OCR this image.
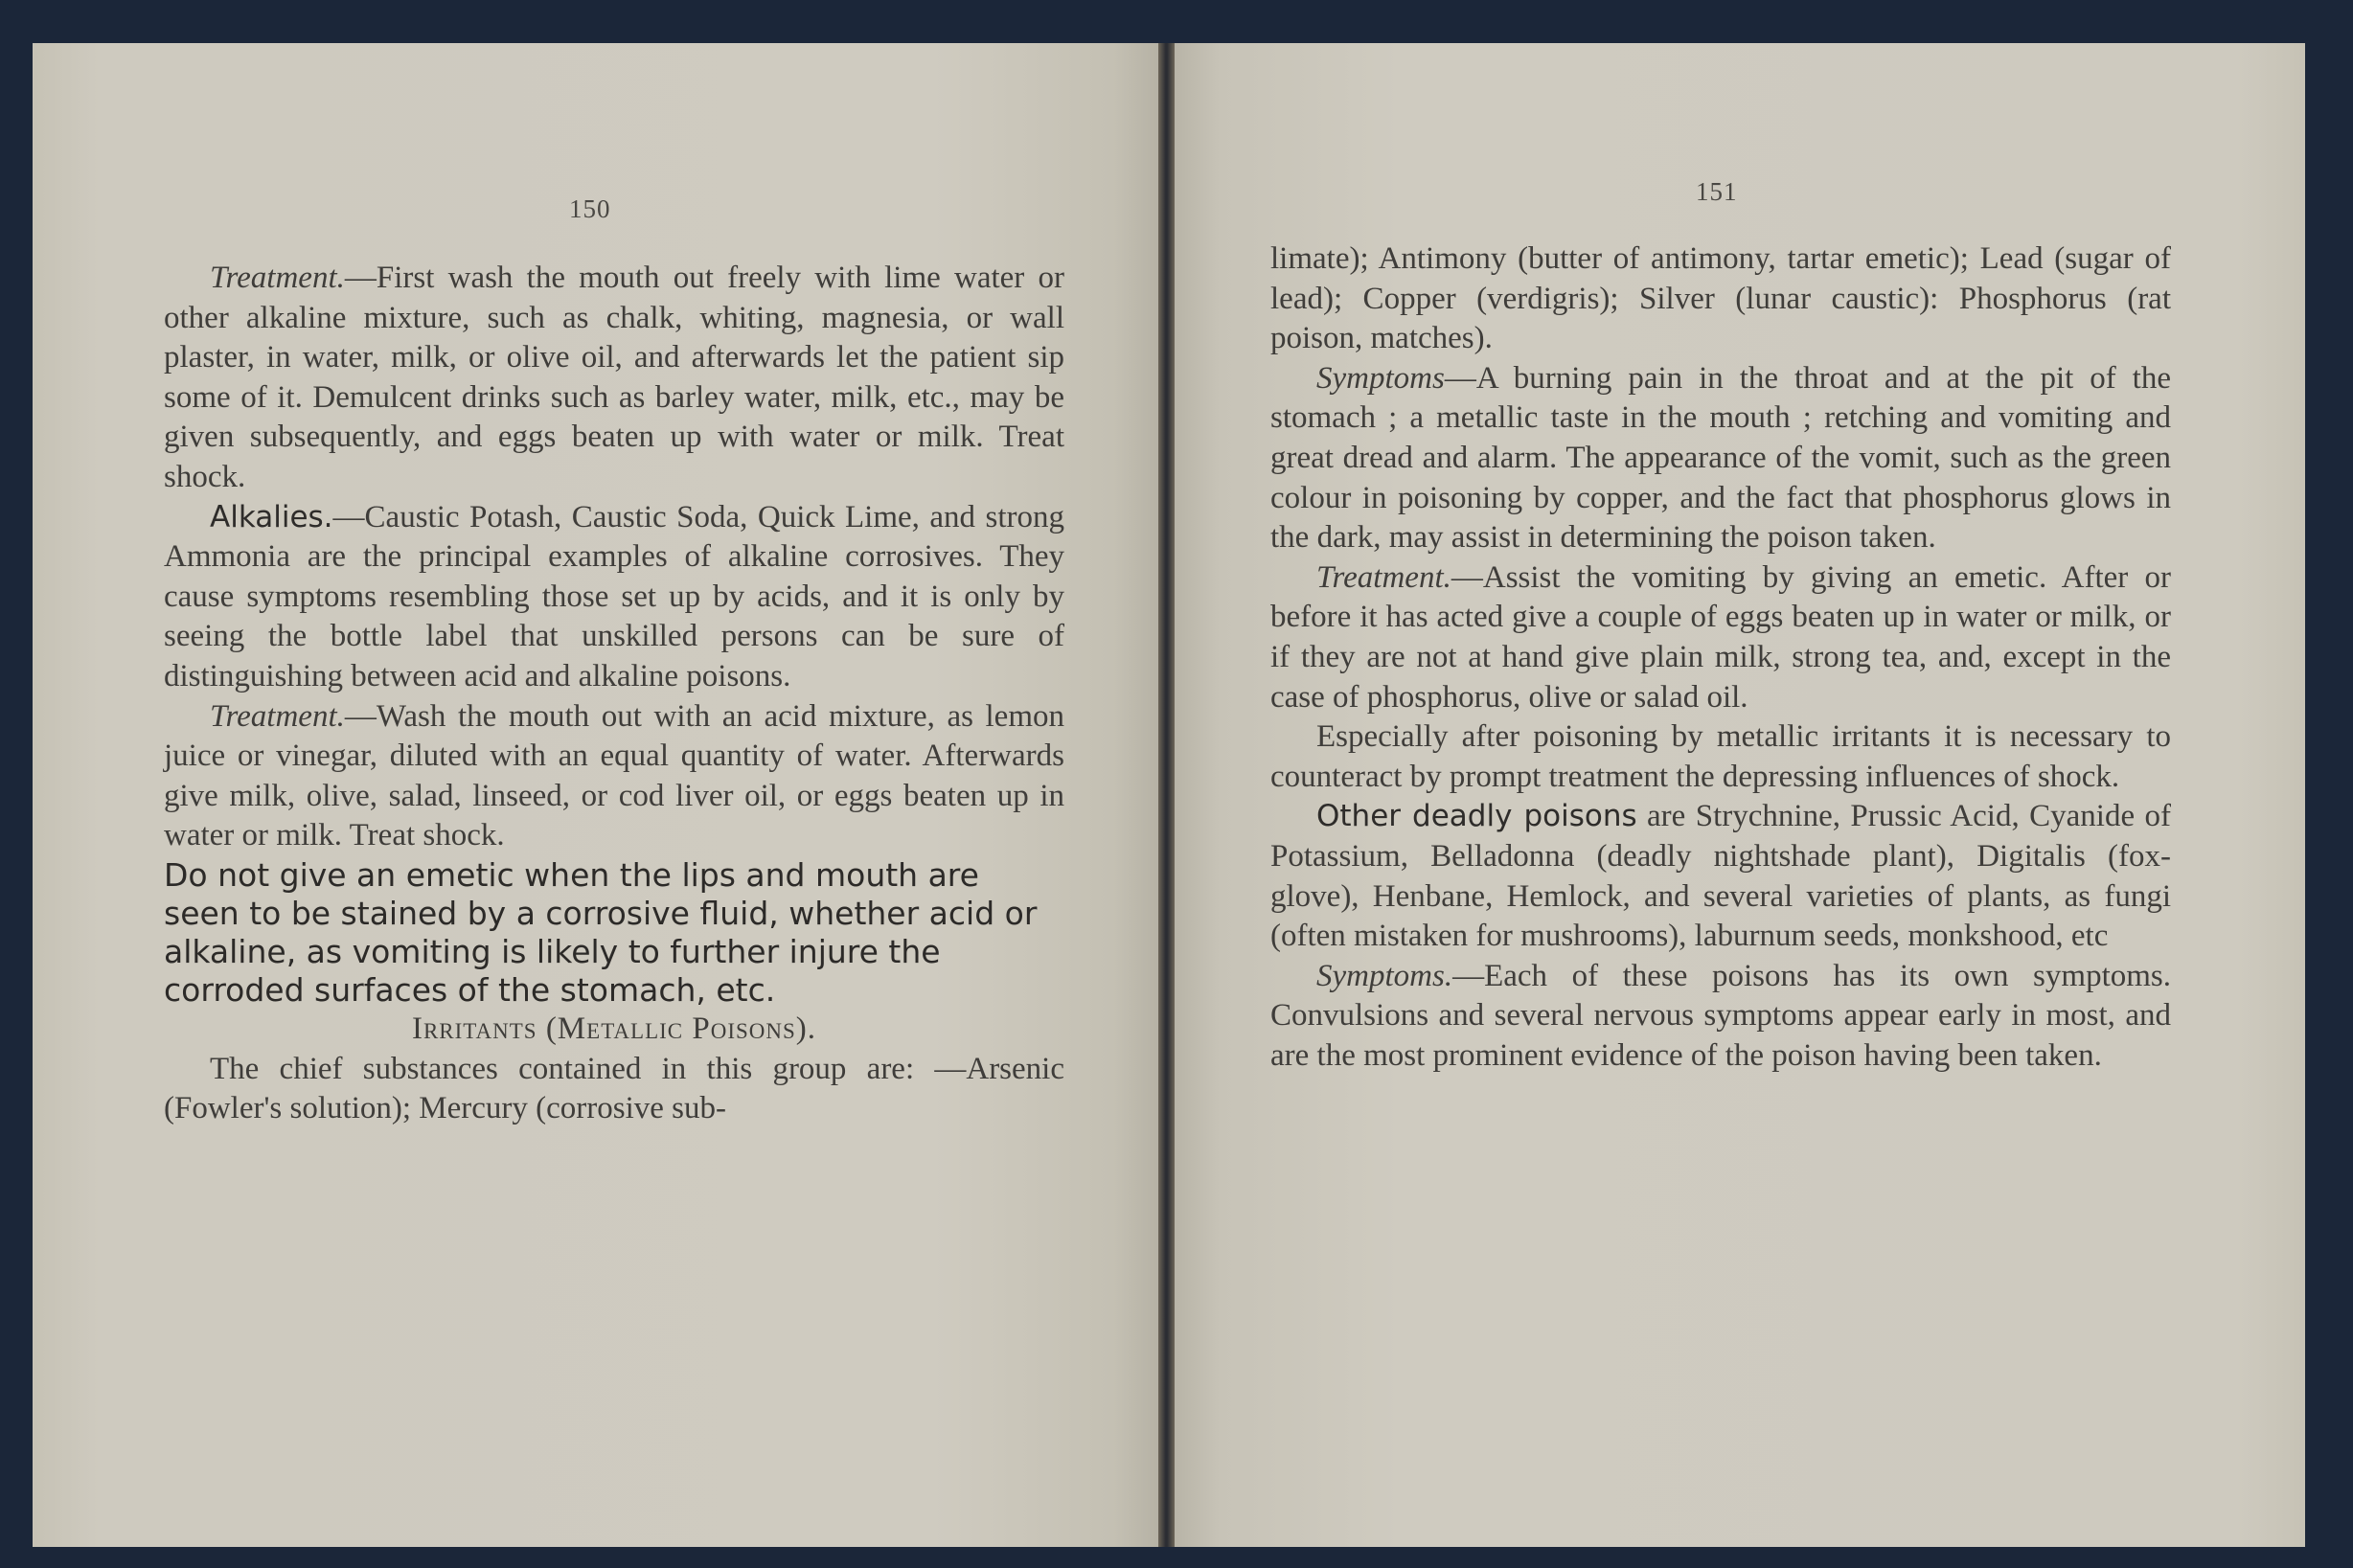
150

Treatment.—First wash the mouth out freely with lime water or other alkaline mixture, such as chalk, whiting, magnesia, or wall plaster, in water, milk, or olive oil, and afterwards let the patient sip some of it. Demulcent drinks such as barley water, milk, etc., may be given subsequently, and eggs beaten up with water or milk. Treat shock.

Alkalies.—Caustic Potash, Caustic Soda, Quick Lime, and strong Ammonia are the principal examples of alkaline corrosives. They cause symptoms resembling those set up by acids, and it is only by seeing the bottle label that unskilled persons can be sure of distinguishing between acid and alkaline poisons.

Treatment.—Wash the mouth out with an acid mixture, as lemon juice or vinegar, diluted with an equal quantity of water. Afterwards give milk, olive, salad, linseed, or cod liver oil, or eggs beaten up in water or milk. Treat shock.

Do not give an emetic when the lips and mouth are seen to be stained by a corrosive fluid, whether acid or alkaline, as vomiting is likely to further injure the corroded surfaces of the stomach, etc.

Irritants (Metallic Poisons).

The chief substances contained in this group are: —Arsenic (Fowler's solution); Mercury (corrosive sub-

151

limate); Antimony (butter of antimony, tartar emetic); Lead (sugar of lead); Copper (verdigris); Silver (lunar caustic): Phosphorus (rat poison, matches).

Symptoms—A burning pain in the throat and at the pit of the stomach ; a metallic taste in the mouth ; retching and vomiting and great dread and alarm. The appearance of the vomit, such as the green colour in poisoning by copper, and the fact that phosphorus glows in the dark, may assist in determining the poison taken.

Treatment.—Assist the vomiting by giving an emetic. After or before it has acted give a couple of eggs beaten up in water or milk, or if they are not at hand give plain milk, strong tea, and, except in the case of phosphorus, olive or salad oil.

Especially after poisoning by metallic irritants it is necessary to counteract by prompt treatment the depressing influences of shock.

Other deadly poisons are Strychnine, Prussic Acid, Cyanide of Potassium, Belladonna (deadly nightshade plant), Digitalis (fox-glove), Henbane, Hemlock, and several varieties of plants, as fungi (often mistaken for mushrooms), laburnum seeds, monkshood, etc

Symptoms.—Each of these poisons has its own symptoms. Convulsions and several nervous symptoms appear early in most, and are the most prominent evidence of the poison having been taken.
